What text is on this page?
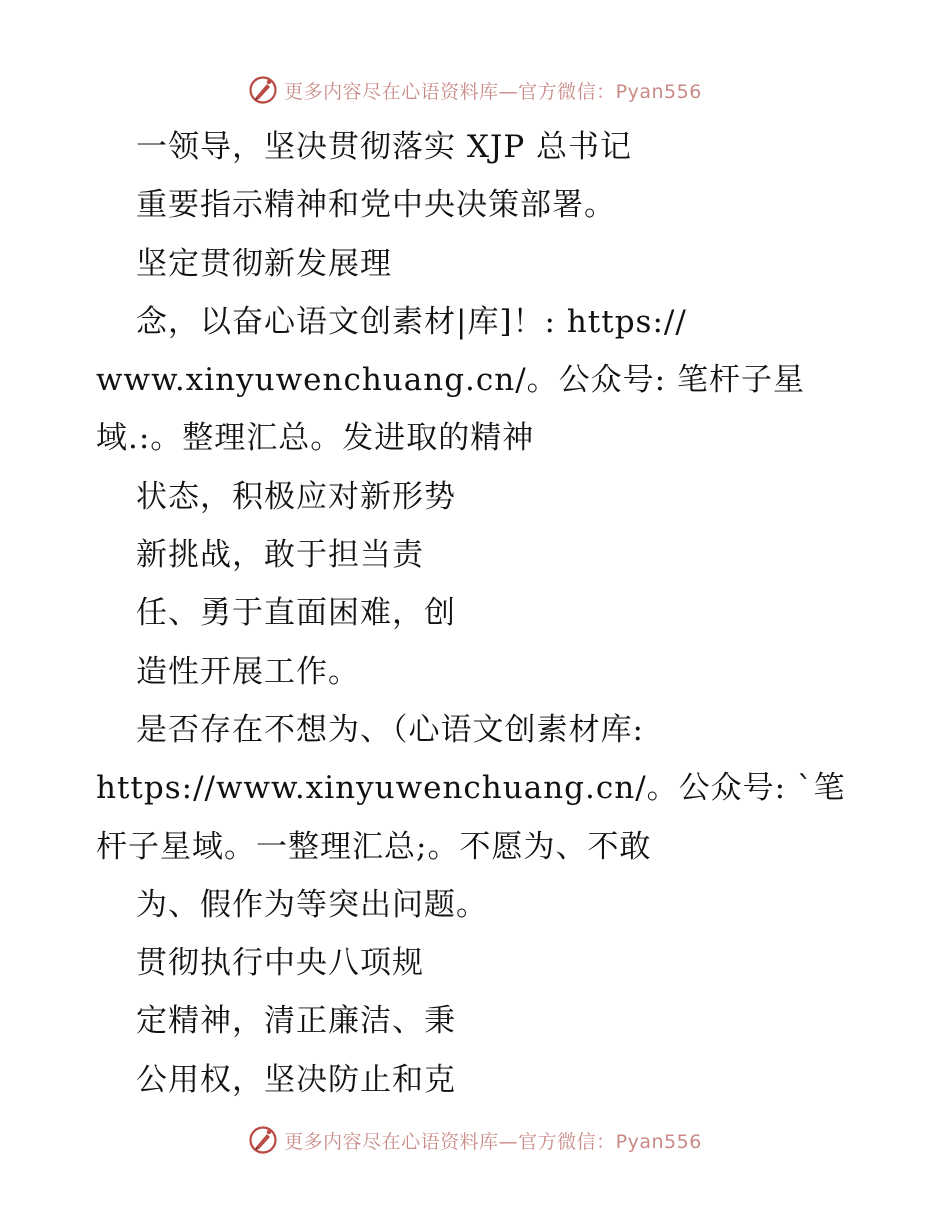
更多内容尽在心语资料库—官方微信：Pyan556
一领导，坚决贯彻落实 XJP 总书记
重要指示精神和党中央决策部署。
坚定贯彻新发展理
念，以奋心语文创素材|库]！: https://
www.xinyuwenchuang.cn/。公众号: 笔杆子星
域.:。整理汇总。发进取的精神
状态，积极应对新形势
新挑战，敢于担当责
任、勇于直面困难，创
造性开展工作。
是否存在不想为、（心语文创素材库:
https://www.xinyuwenchuang.cn/。公众号: `笔
杆子星域。一整理汇总;。不愿为、不敢
为、假作为等突出问题。
贯彻执行中央八项规
定精神，清正廉洁、秉
公用权，坚决防止和克
更多内容尽在心语资料库—官方微信：Pyan556
